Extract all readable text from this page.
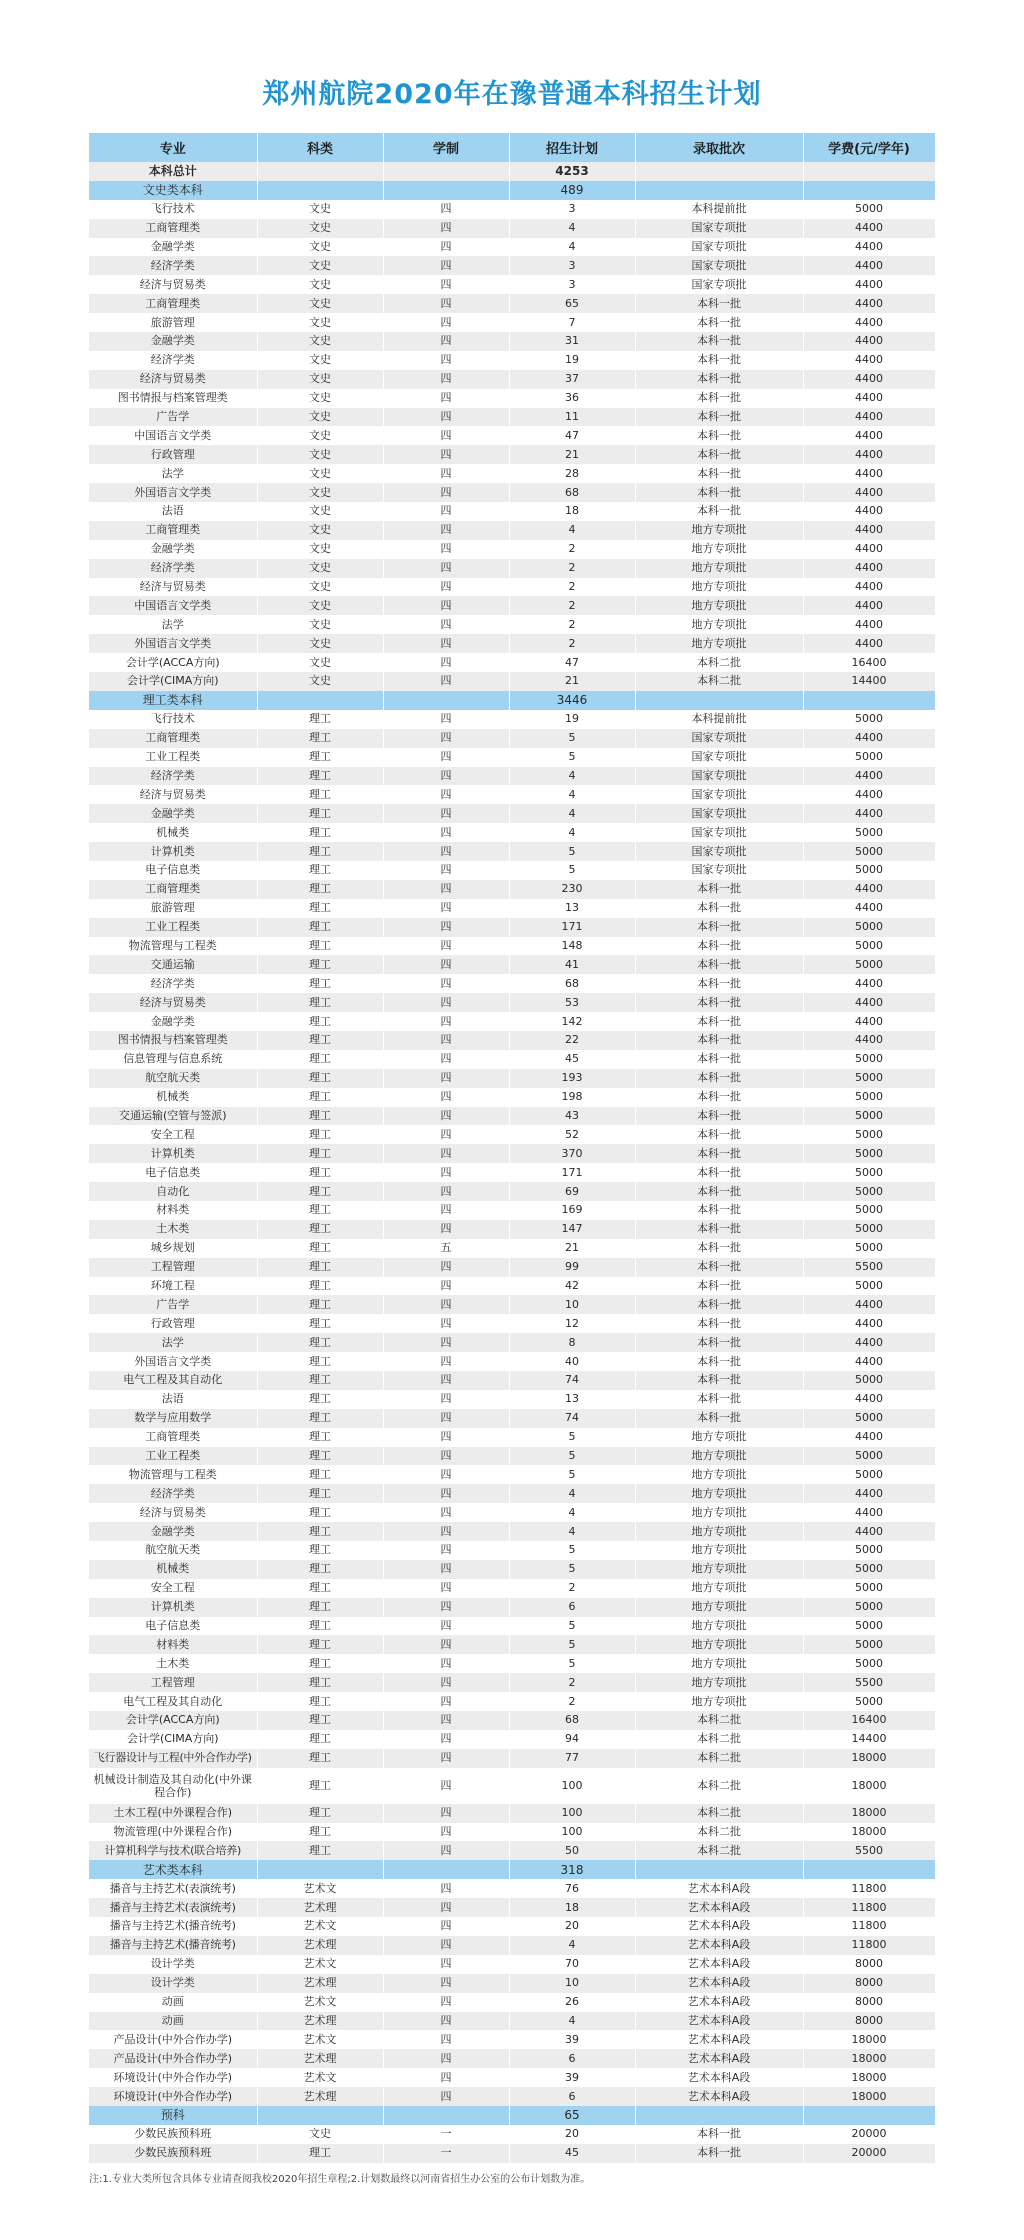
郑州航院2020年在豫普通本科招生计划
专业	科类	学制	招生计划	录取批次	学费(元/学年)
本科总计			4253		
文史类本科			489		
飞行技术	文史	四	3	本科提前批	5000
工商管理类	文史	四	4	国家专项批	4400
金融学类	文史	四	4	国家专项批	4400
经济学类	文史	四	3	国家专项批	4400
经济与贸易类	文史	四	3	国家专项批	4400
工商管理类	文史	四	65	本科一批	4400
旅游管理	文史	四	7	本科一批	4400
金融学类	文史	四	31	本科一批	4400
经济学类	文史	四	19	本科一批	4400
经济与贸易类	文史	四	37	本科一批	4400
图书情报与档案管理类	文史	四	36	本科一批	4400
广告学	文史	四	11	本科一批	4400
中国语言文学类	文史	四	47	本科一批	4400
行政管理	文史	四	21	本科一批	4400
法学	文史	四	28	本科一批	4400
外国语言文学类	文史	四	68	本科一批	4400
法语	文史	四	18	本科一批	4400
工商管理类	文史	四	4	地方专项批	4400
金融学类	文史	四	2	地方专项批	4400
经济学类	文史	四	2	地方专项批	4400
经济与贸易类	文史	四	2	地方专项批	4400
中国语言文学类	文史	四	2	地方专项批	4400
法学	文史	四	2	地方专项批	4400
外国语言文学类	文史	四	2	地方专项批	4400
会计学(ACCA方向)	文史	四	47	本科二批	16400
会计学(CIMA方向)	文史	四	21	本科二批	14400
理工类本科			3446		
飞行技术	理工	四	19	本科提前批	5000
工商管理类	理工	四	5	国家专项批	4400
工业工程类	理工	四	5	国家专项批	5000
经济学类	理工	四	4	国家专项批	4400
经济与贸易类	理工	四	4	国家专项批	4400
金融学类	理工	四	4	国家专项批	4400
机械类	理工	四	4	国家专项批	5000
计算机类	理工	四	5	国家专项批	5000
电子信息类	理工	四	5	国家专项批	5000
工商管理类	理工	四	230	本科一批	4400
旅游管理	理工	四	13	本科一批	4400
工业工程类	理工	四	171	本科一批	5000
物流管理与工程类	理工	四	148	本科一批	5000
交通运输	理工	四	41	本科一批	5000
经济学类	理工	四	68	本科一批	4400
经济与贸易类	理工	四	53	本科一批	4400
金融学类	理工	四	142	本科一批	4400
图书情报与档案管理类	理工	四	22	本科一批	4400
信息管理与信息系统	理工	四	45	本科一批	5000
航空航天类	理工	四	193	本科一批	5000
机械类	理工	四	198	本科一批	5000
交通运输(空管与签派)	理工	四	43	本科一批	5000
安全工程	理工	四	52	本科一批	5000
计算机类	理工	四	370	本科一批	5000
电子信息类	理工	四	171	本科一批	5000
自动化	理工	四	69	本科一批	5000
材料类	理工	四	169	本科一批	5000
土木类	理工	四	147	本科一批	5000
城乡规划	理工	五	21	本科一批	5000
工程管理	理工	四	99	本科一批	5500
环境工程	理工	四	42	本科一批	5000
广告学	理工	四	10	本科一批	4400
行政管理	理工	四	12	本科一批	4400
法学	理工	四	8	本科一批	4400
外国语言文学类	理工	四	40	本科一批	4400
电气工程及其自动化	理工	四	74	本科一批	5000
法语	理工	四	13	本科一批	4400
数学与应用数学	理工	四	74	本科一批	5000
工商管理类	理工	四	5	地方专项批	4400
工业工程类	理工	四	5	地方专项批	5000
物流管理与工程类	理工	四	5	地方专项批	5000
经济学类	理工	四	4	地方专项批	4400
经济与贸易类	理工	四	4	地方专项批	4400
金融学类	理工	四	4	地方专项批	4400
航空航天类	理工	四	5	地方专项批	5000
机械类	理工	四	5	地方专项批	5000
安全工程	理工	四	2	地方专项批	5000
计算机类	理工	四	6	地方专项批	5000
电子信息类	理工	四	5	地方专项批	5000
材料类	理工	四	5	地方专项批	5000
土木类	理工	四	5	地方专项批	5000
工程管理	理工	四	2	地方专项批	5500
电气工程及其自动化	理工	四	2	地方专项批	5000
会计学(ACCA方向)	理工	四	68	本科二批	16400
会计学(CIMA方向)	理工	四	94	本科二批	14400
飞行器设计与工程(中外合作办学)	理工	四	77	本科二批	18000
机械设计制造及其自动化(中外课程合作)	理工	四	100	本科二批	18000
土木工程(中外课程合作)	理工	四	100	本科二批	18000
物流管理(中外课程合作)	理工	四	100	本科二批	18000
计算机科学与技术(联合培养)	理工	四	50	本科二批	5500
艺术类本科			318		
播音与主持艺术(表演统考)	艺术文	四	76	艺术本科A段	11800
播音与主持艺术(表演统考)	艺术理	四	18	艺术本科A段	11800
播音与主持艺术(播音统考)	艺术文	四	20	艺术本科A段	11800
播音与主持艺术(播音统考)	艺术理	四	4	艺术本科A段	11800
设计学类	艺术文	四	70	艺术本科A段	8000
设计学类	艺术理	四	10	艺术本科A段	8000
动画	艺术文	四	26	艺术本科A段	8000
动画	艺术理	四	4	艺术本科A段	8000
产品设计(中外合作办学)	艺术文	四	39	艺术本科A段	18000
产品设计(中外合作办学)	艺术理	四	6	艺术本科A段	18000
环境设计(中外合作办学)	艺术文	四	39	艺术本科A段	18000
环境设计(中外合作办学)	艺术理	四	6	艺术本科A段	18000
预科			65		
少数民族预科班	文史	一	20	本科一批	20000
少数民族预科班	理工	一	45	本科一批	20000
注:1.专业大类所包含具体专业请查阅我校2020年招生章程;2.计划数最终以河南省招生办公室的公布计划数为准。
